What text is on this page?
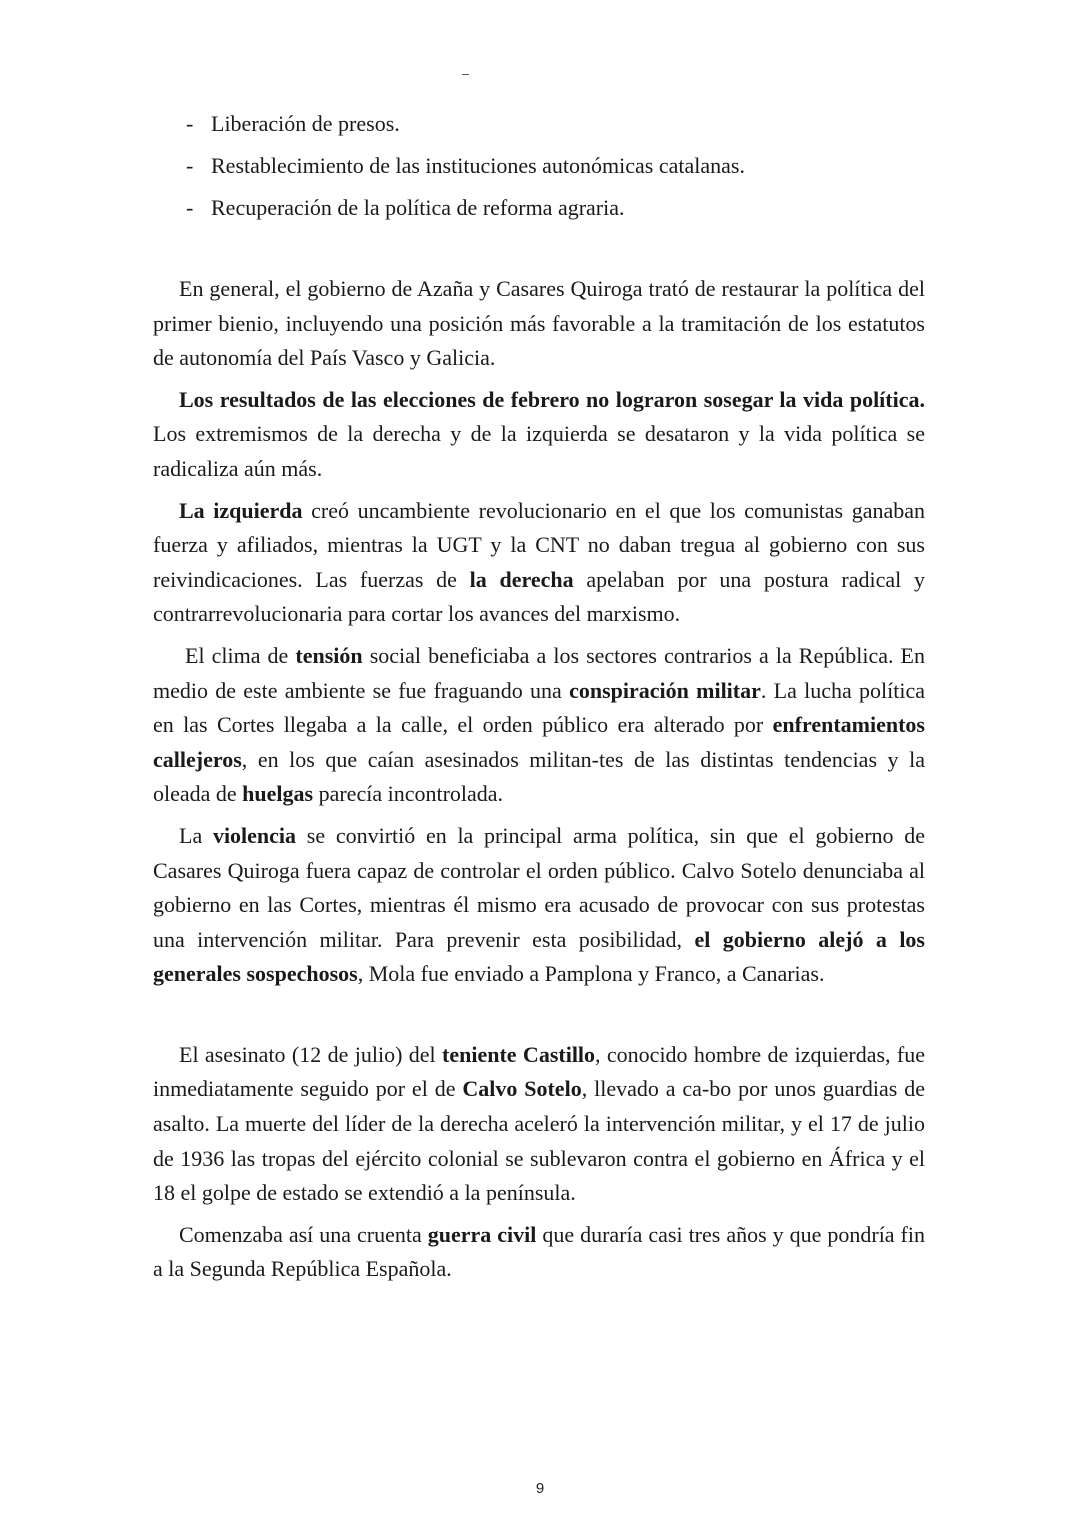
- Liberación de presos.
- Restablecimiento de las instituciones autonómicas catalanas.
- Recuperación de la política de reforma agraria.

En general, el gobierno de Azaña y Casares Quiroga trató de restaurar la política del primer bienio, incluyendo una posición más favorable a la tramitación de los estatutos de autonomía del País Vasco y Galicia.

Los resultados de las elecciones de febrero no lograron sosegar la vida política. Los extremismos de la derecha y de la izquierda se desataron y la vida política se radicaliza aún más.

La izquierda creó uncambiente revolucionario en el que los comunistas ganaban fuerza y afiliados, mientras la UGT y la CNT no daban tregua al gobierno con sus reivindicaciones. Las fuerzas de la derecha apelaban por una postura radical y contrarrevolucionaria para cortar los avances del marxismo.

El clima de tensión social beneficiaba a los sectores contrarios a la República. En medio de este ambiente se fue fraguando una conspiración militar. La lucha política en las Cortes llegaba a la calle, el orden público era alterado por enfrentamientos callejeros, en los que caían asesinados militan-tes de las distintas tendencias y la oleada de huelgas parecía incontrolada.

La violencia se convirtió en la principal arma política, sin que el gobierno de Casares Quiroga fuera capaz de controlar el orden público. Calvo Sotelo denunciaba al gobierno en las Cortes, mientras él mismo era acusado de provocar con sus protestas una intervención militar. Para prevenir esta posibilidad, el gobierno alejó a los generales sospechosos, Mola fue enviado a Pamplona y Franco, a Canarias.

El asesinato (12 de julio) del teniente Castillo, conocido hombre de izquierdas, fue inmediatamente seguido por el de Calvo Sotelo, llevado a ca-bo por unos guardias de asalto. La muerte del líder de la derecha aceleró la intervención militar, y el 17 de julio de 1936 las tropas del ejército colonial se sublevaron contra el gobierno en África y el 18 el golpe de estado se extendió a la península.

Comenzaba así una cruenta guerra civil que duraría casi tres años y que pondría fin a la Segunda República Española.

9
